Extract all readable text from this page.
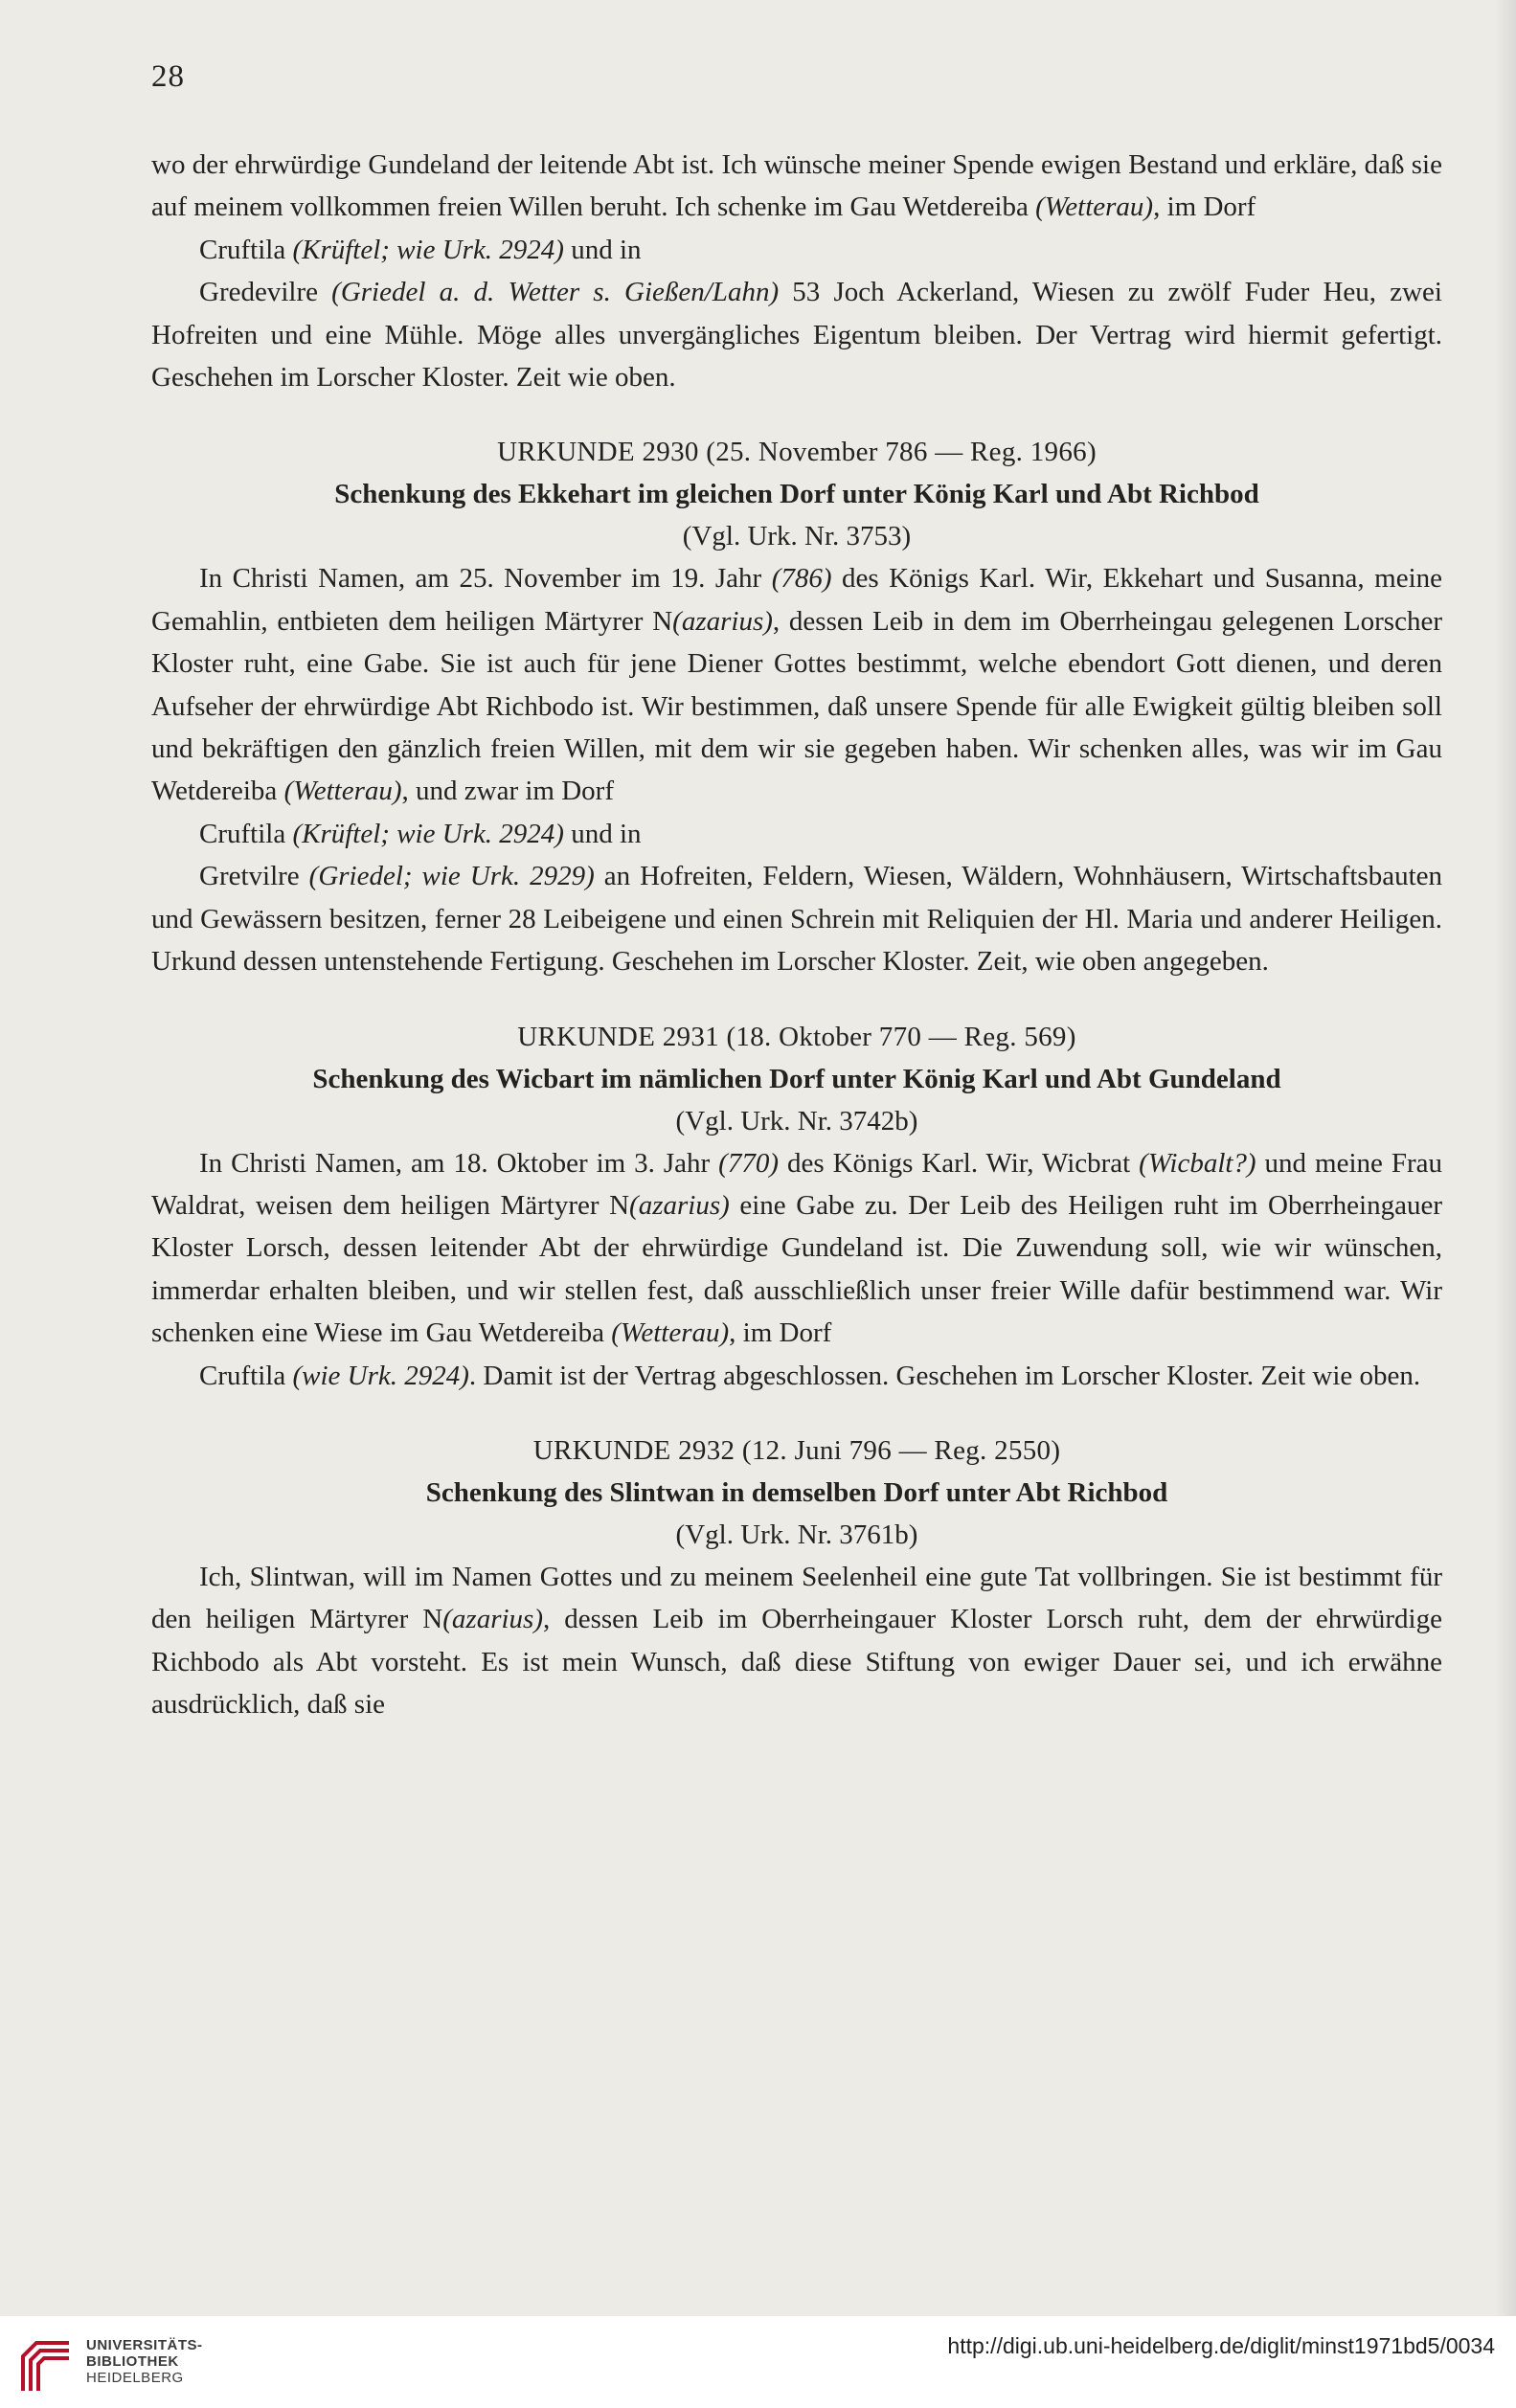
28

wo der ehrwürdige Gundeland der leitende Abt ist. Ich wünsche meiner Spende ewigen Bestand und erkläre, daß sie auf meinem vollkommen freien Willen beruht. Ich schenke im Gau Wetdereiba (Wetterau), im Dorf

Cruftila (Krüftel; wie Urk. 2924) und in

Gredevilre (Griedel a. d. Wetter s. Gießen/Lahn) 53 Joch Ackerland, Wiesen zu zwölf Fuder Heu, zwei Hofreiten und eine Mühle. Möge alles unvergängliches Eigentum bleiben. Der Vertrag wird hiermit gefertigt. Geschehen im Lorscher Kloster. Zeit wie oben.

URKUNDE 2930 (25. November 786 — Reg. 1966)
Schenkung des Ekkehart im gleichen Dorf unter König Karl und Abt Richbod
(Vgl. Urk. Nr. 3753)

In Christi Namen, am 25. November im 19. Jahr (786) des Königs Karl. Wir, Ekkehart und Susanna, meine Gemahlin, entbieten dem heiligen Märtyrer N(azarius), dessen Leib in dem im Oberrheingau gelegenen Lorscher Kloster ruht, eine Gabe. Sie ist auch für jene Diener Gottes bestimmt, welche ebendort Gott dienen, und deren Aufseher der ehrwürdige Abt Richbodo ist. Wir bestimmen, daß unsere Spende für alle Ewigkeit gültig bleiben soll und bekräftigen den gänzlich freien Willen, mit dem wir sie gegeben haben. Wir schenken alles, was wir im Gau Wetdereiba (Wetterau), und zwar im Dorf

Cruftila (Krüftel; wie Urk. 2924) und in

Gretvilre (Griedel; wie Urk. 2929) an Hofreiten, Feldern, Wiesen, Wäldern, Wohnhäusern, Wirtschaftsbauten und Gewässern besitzen, ferner 28 Leibeigene und einen Schrein mit Reliquien der Hl. Maria und anderer Heiligen. Urkund dessen untenstehende Fertigung. Geschehen im Lorscher Kloster. Zeit, wie oben angegeben.

URKUNDE 2931 (18. Oktober 770 — Reg. 569)
Schenkung des Wicbart im nämlichen Dorf unter König Karl und Abt Gundeland
(Vgl. Urk. Nr. 3742b)

In Christi Namen, am 18. Oktober im 3. Jahr (770) des Königs Karl. Wir, Wicbrat (Wicbalt?) und meine Frau Waldrat, weisen dem heiligen Märtyrer N(azarius) eine Gabe zu. Der Leib des Heiligen ruht im Oberrheingauer Kloster Lorsch, dessen leitender Abt der ehrwürdige Gundeland ist. Die Zuwendung soll, wie wir wünschen, immerdar erhalten bleiben, und wir stellen fest, daß ausschließlich unser freier Wille dafür bestimmend war. Wir schenken eine Wiese im Gau Wetdereiba (Wetterau), im Dorf

Cruftila (wie Urk. 2924). Damit ist der Vertrag abgeschlossen. Geschehen im Lorscher Kloster. Zeit wie oben.

URKUNDE 2932 (12. Juni 796 — Reg. 2550)
Schenkung des Slintwan in demselben Dorf unter Abt Richbod
(Vgl. Urk. Nr. 3761b)

Ich, Slintwan, will im Namen Gottes und zu meinem Seelenheil eine gute Tat vollbringen. Sie ist bestimmt für den heiligen Märtyrer N(azarius), dessen Leib im Oberrheingauer Kloster Lorsch ruht, dem der ehrwürdige Richbodo als Abt vorsteht. Es ist mein Wunsch, daß diese Stiftung von ewiger Dauer sei, und ich erwähne ausdrücklich, daß sie

UNIVERSITÄTS-
BIBLIOTHEK
HEIDELBERG
http://digi.ub.uni-heidelberg.de/diglit/minst1971bd5/0034
